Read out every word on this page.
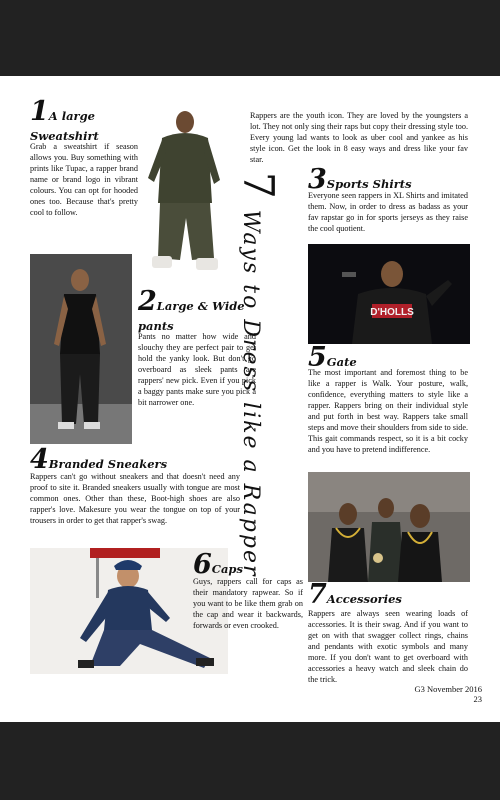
1A large
Sweatshirt
Grab a sweatshirt if season allows you. Buy something with prints like Tupac, a rapper brand name or brand logo in vibrant colours. You can opt for hooded ones too. Because that's pretty cool to follow.
Rappers are the youth icon. They are loved by the youngsters a lot. They not only sing their raps but copy their dressing style too. Every young lad wants to look as uber cool and yankee as his style icon. Get the look in 8 easy ways and dress like your fav star.
3Sports Shirts
Everyone seen rappers in XL Shirts and imitated them. Now, in order to dress as badass as your fav rapstar go in for sports jerseys as they raise the cool quotient.
7 Ways to Dress like a Rapper
2Large & Wide
pants
Pants no matter how wide and slouchy they are perfect pair to get hold the yanky look. But don't go overboard as sleek pants are rappers' new pick. Even if you pick a baggy pants make sure you pick a bit narrower one.
D'HOLLS
5Gate
The most important and foremost thing to be like a rapper is Walk. Your posture, walk, confidence, everything matters to style like a rapper. Rappers bring on their individual style and put forth in best way. Rappers take small steps and move their shoulders from side to side. This gait commands respect, so it is a bit cocky and you have to pretend indifference.
4Branded Sneakers
Rappers can't go without sneakers and that doesn't need any proof to site it. Branded sneakers usually with tongue are most common ones. Other than these, Boot-high shoes are also rapper's love. Makesure you wear the tongue on top of your trousers in order to get that rapper's swag.
6Caps
Guys, rappers call for caps as their mandatory rapwear. So if you want to be like them grab on the cap and wear it backwards, forwards or even crooked.
7Accessories
Rappers are always seen wearing loads of accessories. It is their swag. And if you want to get on with that swagger collect rings, chains and pendants with exotic symbols and many more. If you don't want to get overboard with accessories a heavy watch and sleek chain do the trick.
G3 November 2016 23
